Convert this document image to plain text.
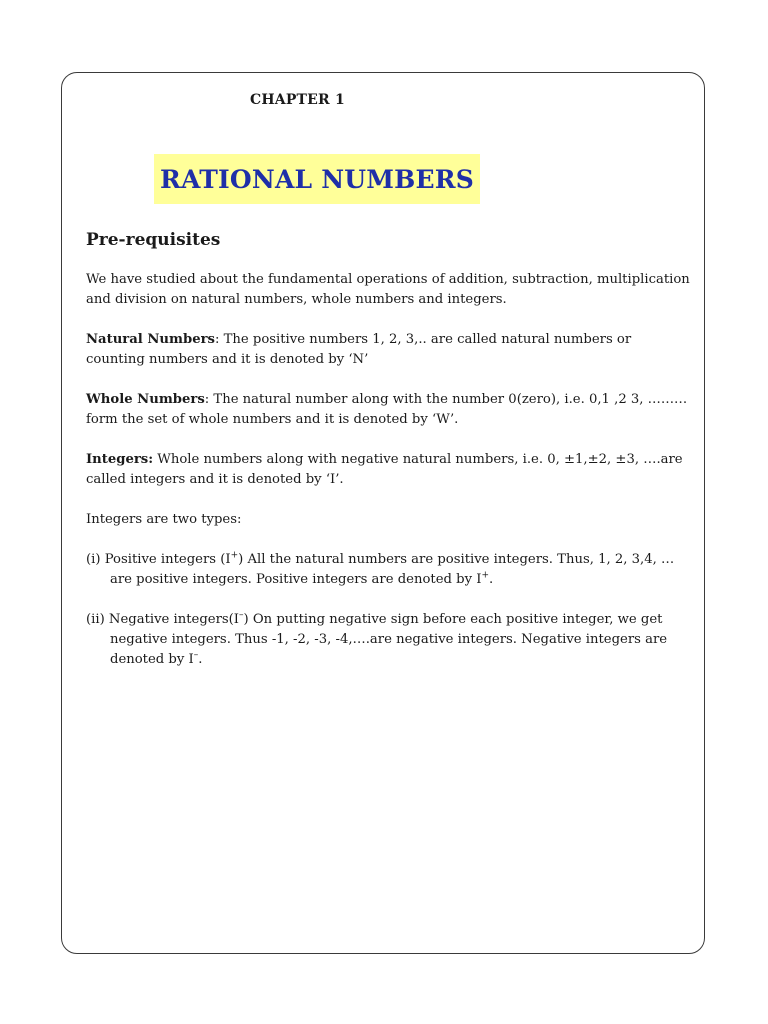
CHAPTER 1
RATIONAL NUMBERS
Pre-requisites

We have studied about the fundamental operations of addition, subtraction, multiplication and division on natural numbers, whole numbers and integers.

Natural Numbers: The positive numbers 1, 2, 3,.. are called natural numbers or counting numbers and it is denoted by ‘N’

Whole Numbers: The natural number along with the number 0(zero), i.e. 0,1 ,2 3, ……… form the set of whole numbers and it is denoted by ‘W’.

Integers: Whole numbers along with negative natural numbers, i.e. 0, ±1,±2, ±3, ….are called integers and it is denoted by ‘I’.

Integers are two types:

(i) Positive integers (I+) All the natural numbers are positive integers. Thus, 1, 2, 3,4, … are positive integers. Positive integers are denoted by I+.

(ii) Negative integers(I–) On putting negative sign before each positive integer, we get negative integers. Thus -1, -2, -3, -4,….are negative integers. Negative integers are denoted by I–.
